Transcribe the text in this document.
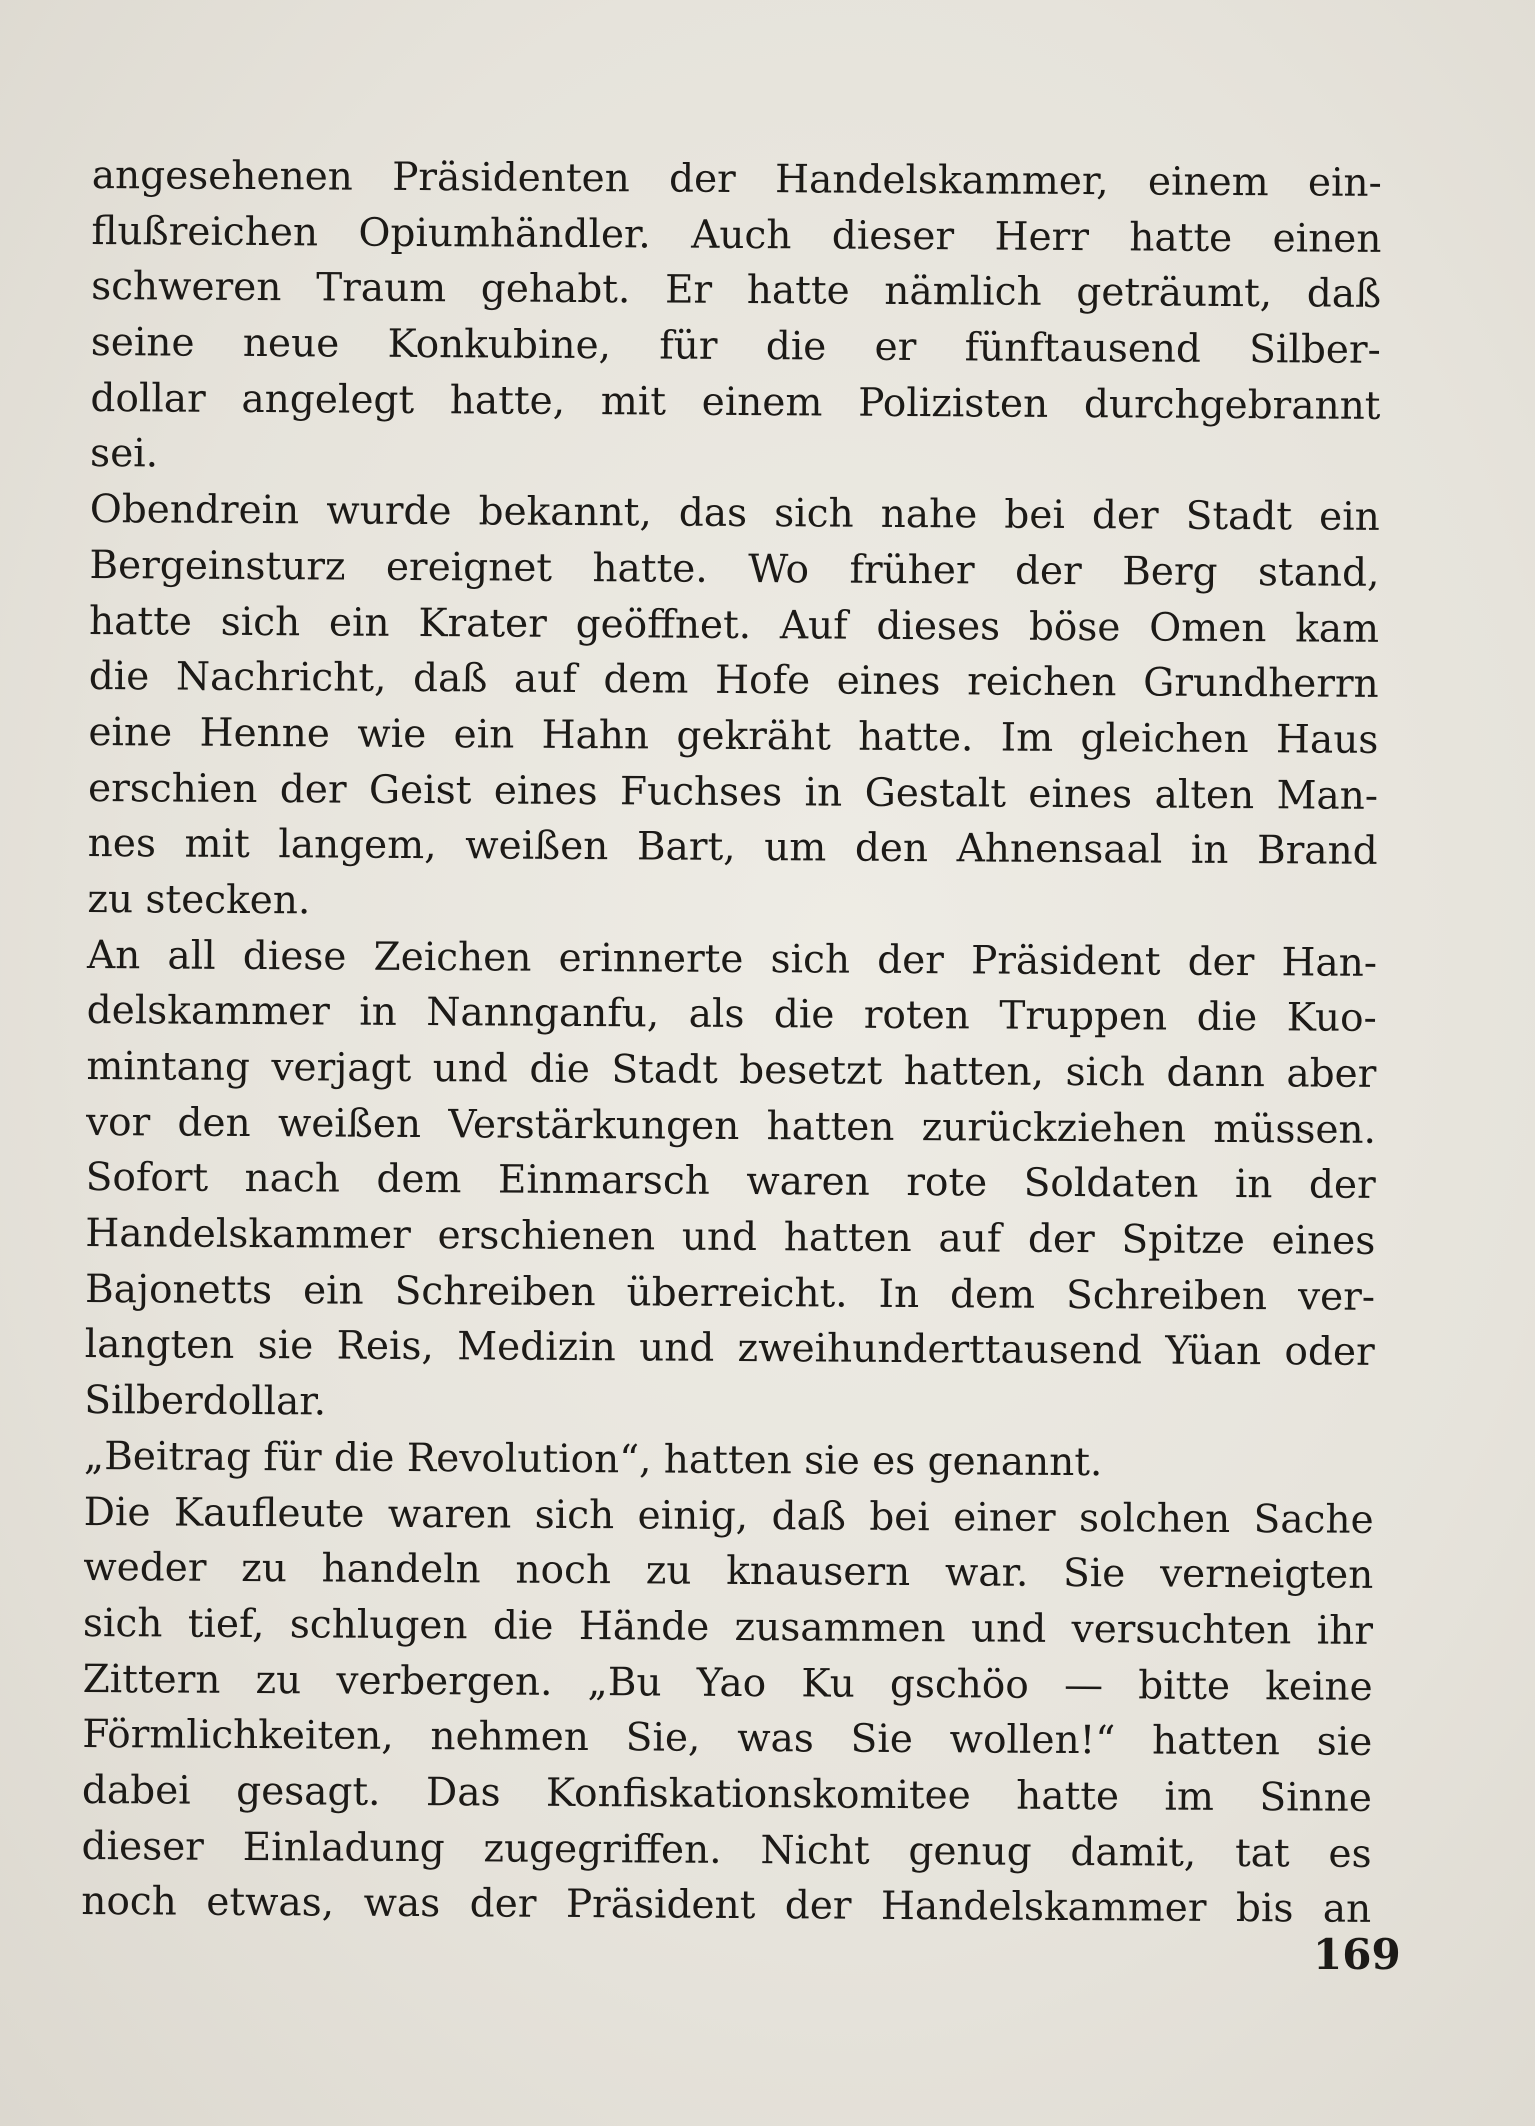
angesehenen Präsidenten der Handelskammer, einem ein-
flußreichen Opiumhändler. Auch dieser Herr hatte einen
schweren Traum gehabt. Er hatte nämlich geträumt, daß
seine neue Konkubine, für die er fünftausend Silber-
dollar angelegt hatte, mit einem Polizisten durchgebrannt
sei.
Obendrein wurde bekannt, das sich nahe bei der Stadt ein
Bergeinsturz ereignet hatte. Wo früher der Berg stand,
hatte sich ein Krater geöffnet. Auf dieses böse Omen kam
die Nachricht, daß auf dem Hofe eines reichen Grundherrn
eine Henne wie ein Hahn gekräht hatte. Im gleichen Haus
erschien der Geist eines Fuchses in Gestalt eines alten Man-
nes mit langem, weißen Bart, um den Ahnensaal in Brand
zu stecken.
An all diese Zeichen erinnerte sich der Präsident der Han-
delskammer in Nannganfu, als die roten Truppen die Kuo-
mintang verjagt und die Stadt besetzt hatten, sich dann aber
vor den weißen Verstärkungen hatten zurückziehen müssen.
Sofort nach dem Einmarsch waren rote Soldaten in der
Handelskammer erschienen und hatten auf der Spitze eines
Bajonetts ein Schreiben überreicht. In dem Schreiben ver-
langten sie Reis, Medizin und zweihunderttausend Yüan oder
Silberdollar.
„Beitrag für die Revolution“, hatten sie es genannt.
Die Kaufleute waren sich einig, daß bei einer solchen Sache
weder zu handeln noch zu knausern war. Sie verneigten
sich tief, schlugen die Hände zusammen und versuchten ihr
Zittern zu verbergen. „Bu Yao Ku gschöo — bitte keine
Förmlichkeiten, nehmen Sie, was Sie wollen!“ hatten sie
dabei gesagt. Das Konfiskationskomitee hatte im Sinne
dieser Einladung zugegriffen. Nicht genug damit, tat es
noch etwas, was der Präsident der Handelskammer bis an
169
